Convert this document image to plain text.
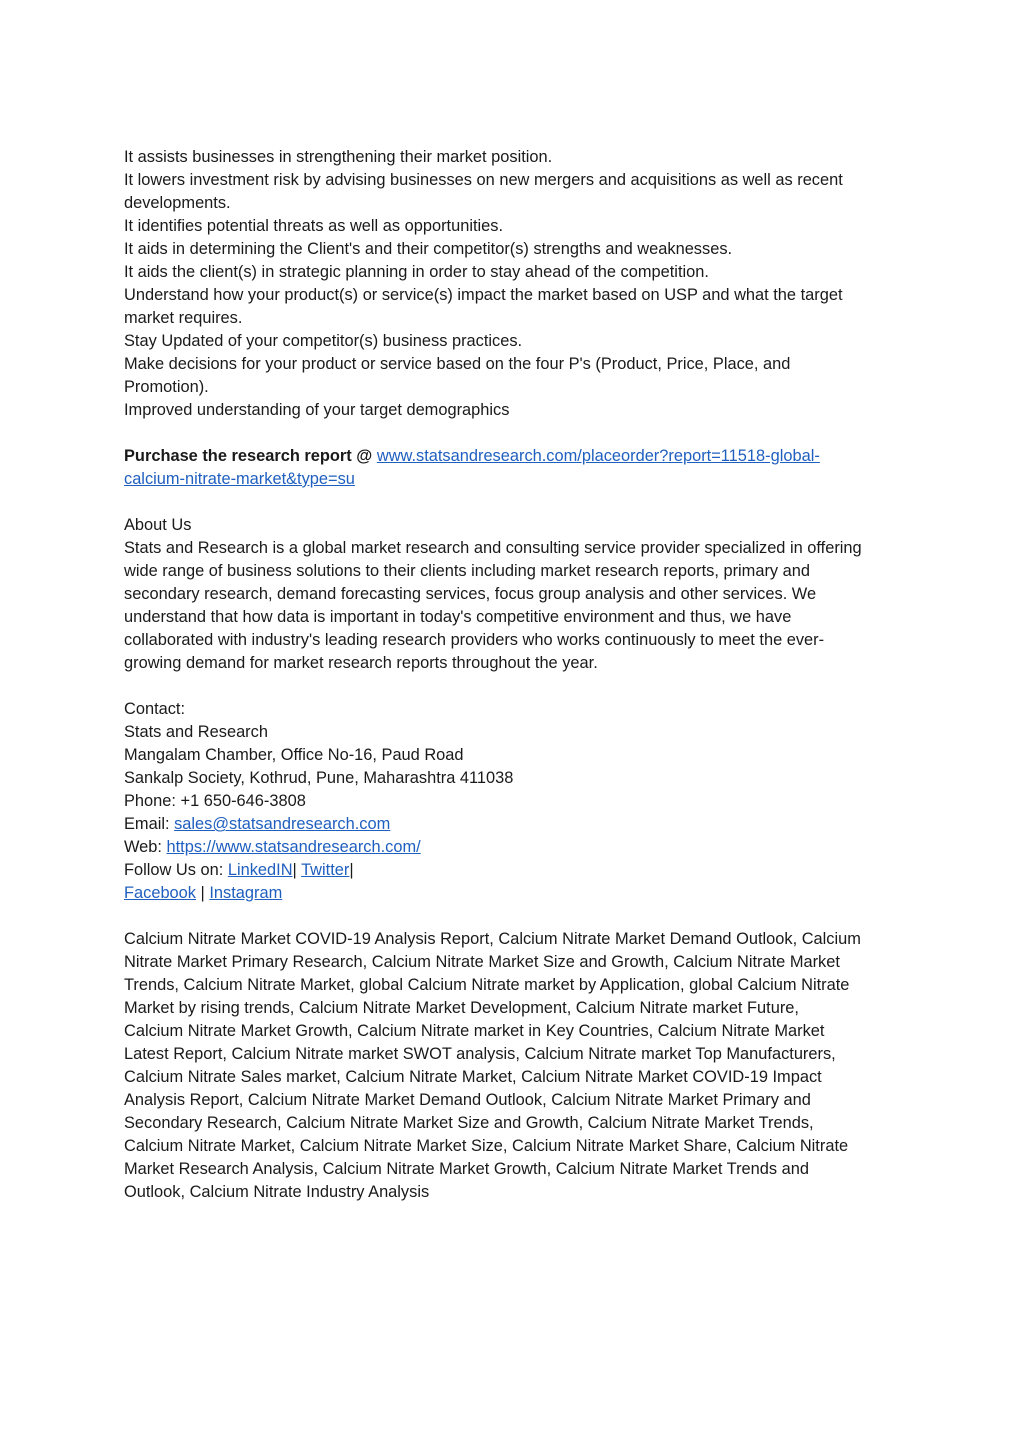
It assists businesses in strengthening their market position.
It lowers investment risk by advising businesses on new mergers and acquisitions as well as recent
developments.
It identifies potential threats as well as opportunities.
It aids in determining the Client's and their competitor(s) strengths and weaknesses.
It aids the client(s) in strategic planning in order to stay ahead of the competition.
Understand how your product(s) or service(s) impact the market based on USP and what the target
market requires.
Stay Updated of your competitor(s) business practices.
Make decisions for your product or service based on the four P's (Product, Price, Place, and
Promotion).
Improved understanding of your target demographics
Purchase the research report @ www.statsandresearch.com/placeorder?report=11518-global-
calcium-nitrate-market&type=su
About Us
Stats and Research is a global market research and consulting service provider specialized in offering
wide range of business solutions to their clients including market research reports, primary and
secondary research, demand forecasting services, focus group analysis and other services. We
understand that how data is important in today's competitive environment and thus, we have
collaborated with industry's leading research providers who works continuously to meet the ever-
growing demand for market research reports throughout the year.
Contact:
Stats and Research
Mangalam Chamber, Office No-16, Paud Road
Sankalp Society, Kothrud, Pune, Maharashtra 411038
Phone: +1 650-646-3808
Email: sales@statsandresearch.com
Web: https://www.statsandresearch.com/
Follow Us on: LinkedIN| Twitter|
Facebook | Instagram
Calcium Nitrate Market COVID-19 Analysis Report, Calcium Nitrate Market Demand Outlook, Calcium
Nitrate Market Primary Research, Calcium Nitrate Market Size and Growth, Calcium Nitrate Market
Trends, Calcium Nitrate Market, global Calcium Nitrate market by Application, global Calcium Nitrate
Market by rising trends, Calcium Nitrate Market Development, Calcium Nitrate market Future,
Calcium Nitrate Market Growth, Calcium Nitrate market in Key Countries, Calcium Nitrate Market
Latest Report, Calcium Nitrate market SWOT analysis, Calcium Nitrate market Top Manufacturers,
Calcium Nitrate Sales market, Calcium Nitrate Market, Calcium Nitrate Market COVID-19 Impact
Analysis Report, Calcium Nitrate Market Demand Outlook, Calcium Nitrate Market Primary and
Secondary Research, Calcium Nitrate Market Size and Growth, Calcium Nitrate Market Trends,
Calcium Nitrate Market, Calcium Nitrate Market Size, Calcium Nitrate Market Share, Calcium Nitrate
Market Research Analysis, Calcium Nitrate Market Growth, Calcium Nitrate Market Trends and
Outlook, Calcium Nitrate Industry Analysis
